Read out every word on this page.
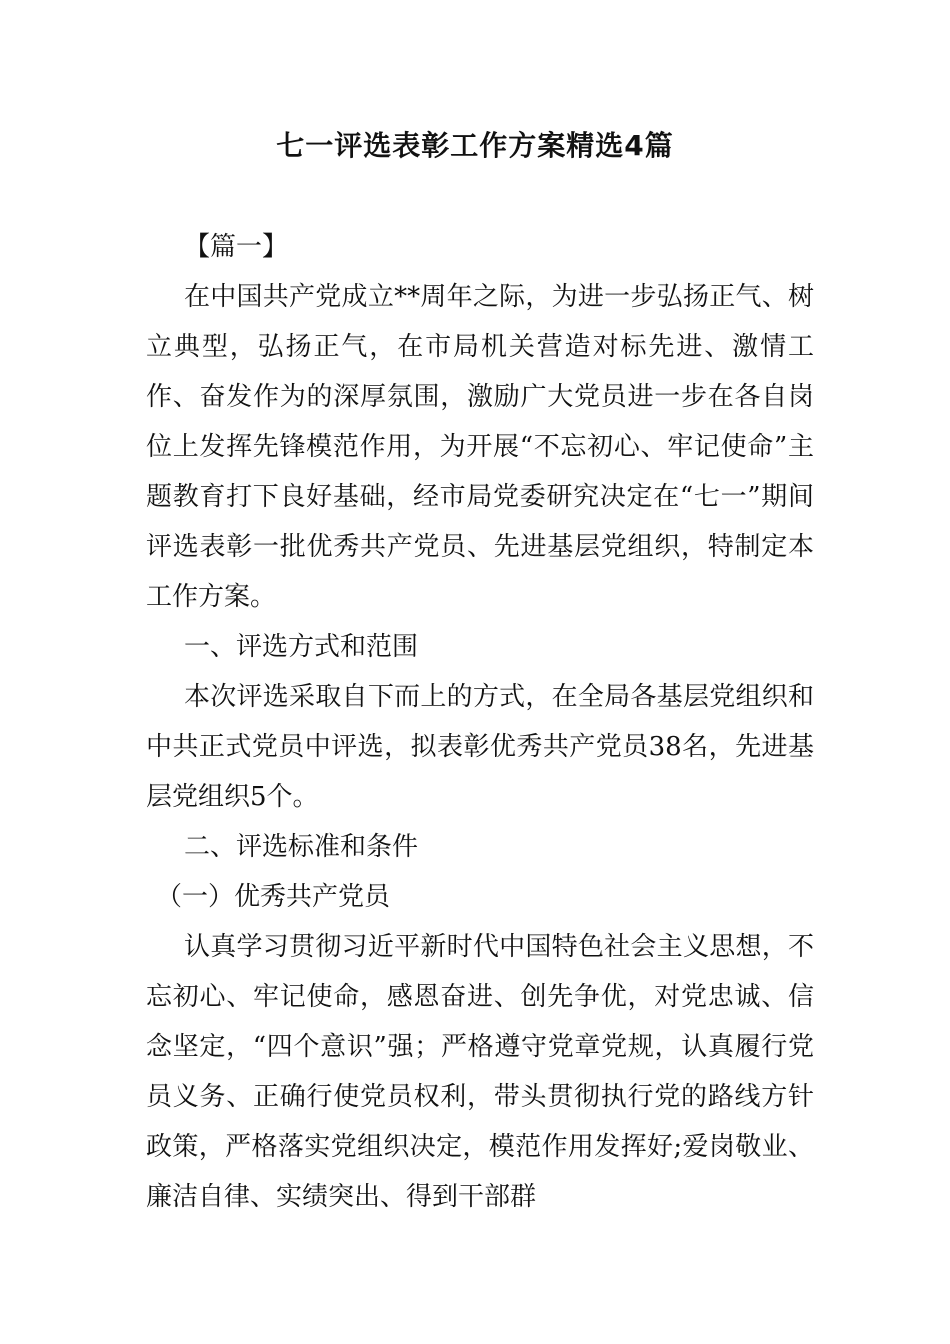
七一评选表彰工作方案精选4篇

【篇一】

在中国共产党成立**周年之际，为进一步弘扬正气、树立典型，弘扬正气，在市局机关营造对标先进、激情工作、奋发作为的深厚氛围，激励广大党员进一步在各自岗位上发挥先锋模范作用，为开展“不忘初心、牢记使命”主题教育打下良好基础，经市局党委研究决定在“七一”期间评选表彰一批优秀共产党员、先进基层党组织，特制定本工作方案。

一、评选方式和范围

本次评选采取自下而上的方式，在全局各基层党组织和中共正式党员中评选，拟表彰优秀共产党员38名，先进基层党组织5个。

二、评选标准和条件

（一）优秀共产党员

认真学习贯彻习近平新时代中国特色社会主义思想，不忘初心、牢记使命，感恩奋进、创先争优，对党忠诚、信念坚定，“四个意识”强；严格遵守党章党规，认真履行党员义务、正确行使党员权利，带头贯彻执行党的路线方针政策，严格落实党组织决定，模范作用发挥好;爱岗敬业、廉洁自律、实绩突出、得到干部群
